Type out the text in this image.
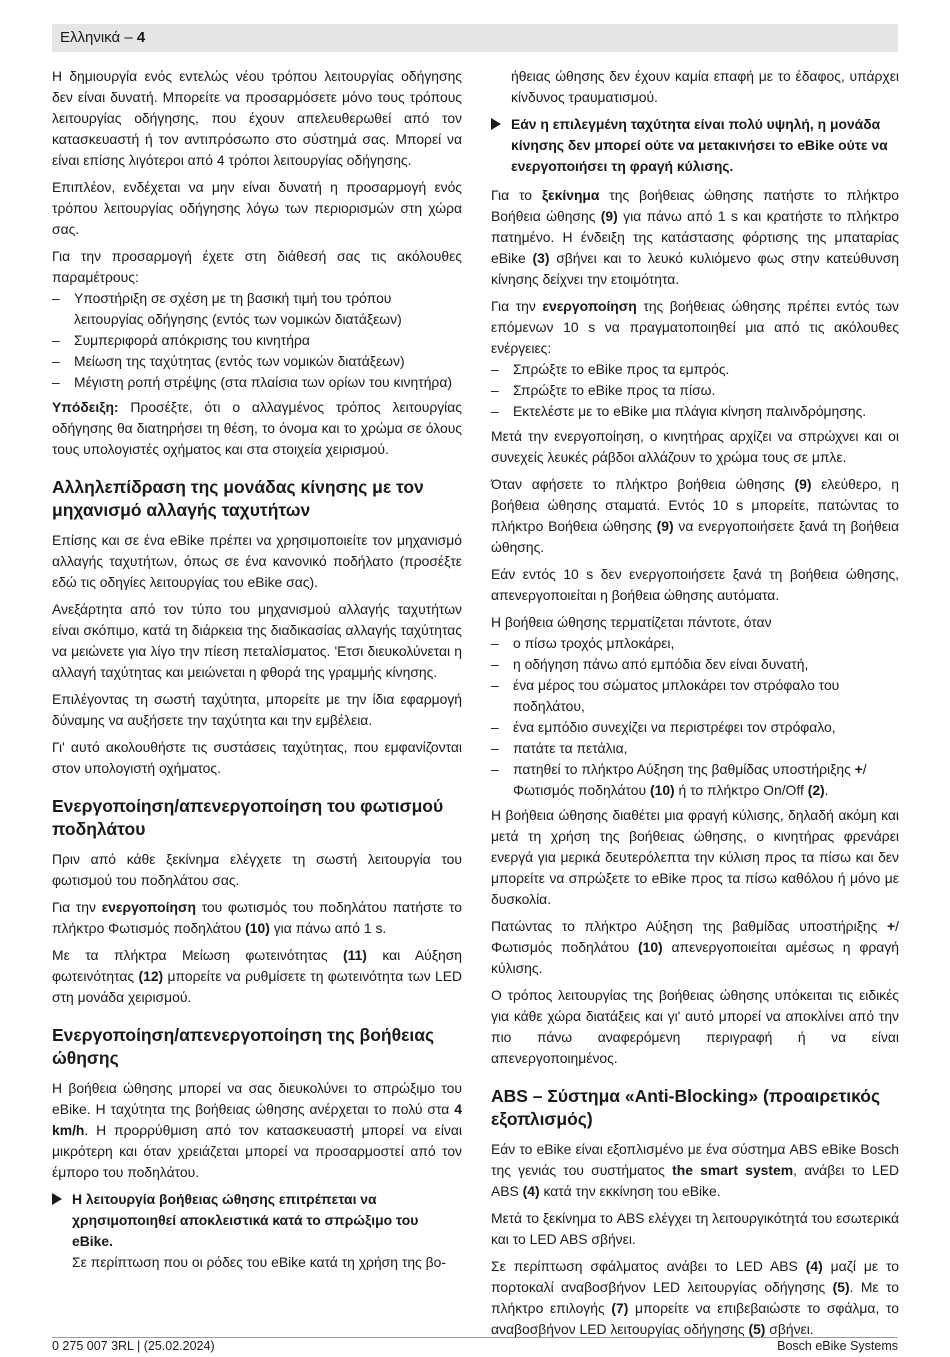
Ελληνικά – 4

Η δημιουργία ενός εντελώς νέου τρόπου λειτουργίας οδήγησης δεν είναι δυνατή. Μπορείτε να προσαρμόσετε μόνο τους τρόπους λειτουργίας οδήγησης, που έχουν απελευθερωθεί από τον κατασκευαστή ή τον αντιπρόσωπο στο σύστημά σας. Μπορεί να είναι επίσης λιγότεροι από 4 τρόποι λειτουργίας οδήγησης.

Επιπλέον, ενδέχεται να μην είναι δυνατή η προσαρμογή ενός τρόπου λειτουργίας οδήγησης λόγω των περιορισμών στη χώρα σας.

Για την προσαρμογή έχετε στη διάθεσή σας τις ακόλουθες παραμέτρους:

– Υποστήριξη σε σχέση με τη βασική τιμή του τρόπου λειτουργίας οδήγησης (εντός των νομικών διατάξεων)
– Συμπεριφορά απόκρισης του κινητήρα
– Μείωση της ταχύτητας (εντός των νομικών διατάξεων)
– Μέγιστη ροπή στρέψης (στα πλαίσια των ορίων του κινητήρα)

Υπόδειξη: Προσέξτε, ότι ο αλλαγμένος τρόπος λειτουργίας οδήγησης θα διατηρήσει τη θέση, το όνομα και το χρώμα σε όλους τους υπολογιστές οχήματος και στα στοιχεία χειρισμού.

Αλληλεπίδραση της μονάδας κίνησης με τον μηχανισμό αλλαγής ταχυτήτων

Επίσης και σε ένα eBike πρέπει να χρησιμοποιείτε τον μηχανισμό αλλαγής ταχυτήτων, όπως σε ένα κανονικό ποδήλατο (προσέξτε εδώ τις οδηγίες λειτουργίας του eBike σας).

Ανεξάρτητα από τον τύπο του μηχανισμού αλλαγής ταχυτήτων είναι σκόπιμο, κατά τη διάρκεια της διαδικασίας αλλαγής ταχύτητας να μειώνετε για λίγο την πίεση πεταλίσματος. 'Ετσι διευκολύνεται η αλλαγή ταχύτητας και μειώνεται η φθορά της γραμμής κίνησης.

Επιλέγοντας τη σωστή ταχύτητα, μπορείτε με την ίδια εφαρμογή δύναμης να αυξήσετε την ταχύτητα και την εμβέλεια.

Γι' αυτό ακολουθήστε τις συστάσεις ταχύτητας, που εμφανίζονται στον υπολογιστή οχήματος.

Ενεργοποίηση/απενεργοποίηση του φωτισμού ποδηλάτου

Πριν από κάθε ξεκίνημα ελέγχετε τη σωστή λειτουργία του φωτισμού του ποδηλάτου σας.

Για την ενεργοποίηση του φωτισμός του ποδηλάτου πατήστε το πλήκτρο Φωτισμός ποδηλάτου (10) για πάνω από 1 s.

Με τα πλήκτρα Μείωση φωτεινότητας (11) και Αύξηση φωτεινότητας (12) μπορείτε να ρυθμίσετε τη φωτεινότητα των LED στη μονάδα χειρισμού.

Ενεργοποίηση/απενεργοποίηση της βοήθειας ώθησης

Η βοήθεια ώθησης μπορεί να σας διευκολύνει το σπρώξιμο του eBike. Η ταχύτητα της βοήθειας ώθησης ανέρχεται το πολύ στα 4 km/h. Η προρρύθμιση από τον κατασκευαστή μπορεί να είναι μικρότερη και όταν χρειάζεται μπορεί να προσαρμοστεί από τον έμπορο του ποδηλάτου.

Η λειτουργία βοήθειας ώθησης επιτρέπεται να χρησιμοποιηθεί αποκλειστικά κατά το σπρώξιμο του eBike.
Σε περίπτωση που οι ρόδες του eBike κατά τη χρήση της βο-

ήθειας ώθησης δεν έχουν καμία επαφή με το έδαφος, υπάρχει κίνδυνος τραυματισμού.

Εάν η επιλεγμένη ταχύτητα είναι πολύ υψηλή, η μονάδα κίνησης δεν μπορεί ούτε να μετακινήσει το eBike ούτε να ενεργοποιήσει τη φραγή κύλισης.

Για το ξεκίνημα της βοήθειας ώθησης πατήστε το πλήκτρο Βοήθεια ώθησης (9) για πάνω από 1 s και κρατήστε το πλήκτρο πατημένο. Η ένδειξη της κατάστασης φόρτισης της μπαταρίας eBike (3) σβήνει και το λευκό κυλιόμενο φως στην κατεύθυνση κίνησης δείχνει την ετοιμότητα.

Για την ενεργοποίηση της βοήθειας ώθησης πρέπει εντός των επόμενων 10 s να πραγματοποιηθεί μια από τις ακόλουθες ενέργειες:

– Σπρώξτε το eBike προς τα εμπρός.
– Σπρώξτε το eBike προς τα πίσω.
– Εκτελέστε με το eBike μια πλάγια κίνηση παλινδρόμησης.

Μετά την ενεργοποίηση, ο κινητήρας αρχίζει να σπρώχνει και οι συνεχείς λευκές ράβδοι αλλάζουν το χρώμα τους σε μπλε.

Όταν αφήσετε το πλήκτρο βοήθεια ώθησης (9) ελεύθερο, η βοήθεια ώθησης σταματά. Εντός 10 s μπορείτε, πατώντας το πλήκτρο Βοήθεια ώθησης (9) να ενεργοποιήσετε ξανά τη βοήθεια ώθησης.

Εάν εντός 10 s δεν ενεργοποιήσετε ξανά τη βοήθεια ώθησης, απενεργοποιείται η βοήθεια ώθησης αυτόματα.

Η βοήθεια ώθησης τερματίζεται πάντοτε, όταν

– ο πίσω τροχός μπλοκάρει,
– η οδήγηση πάνω από εμπόδια δεν είναι δυνατή,
– ένα μέρος του σώματος μπλοκάρει τον στρόφαλο του ποδηλάτου,
– ένα εμπόδιο συνεχίζει να περιστρέφει τον στρόφαλο,
– πατάτε τα πετάλια,
– πατηθεί το πλήκτρο Αύξηση της βαθμίδας υποστήριξης +/ Φωτισμός ποδηλάτου (10) ή το πλήκτρο On/Off (2).

Η βοήθεια ώθησης διαθέτει μια φραγή κύλισης, δηλαδή ακόμη και μετά τη χρήση της βοήθειας ώθησης, ο κινητήρας φρενάρει ενεργά για μερικά δευτερόλεπτα την κύλιση προς τα πίσω και δεν μπορείτε να σπρώξετε το eBike προς τα πίσω καθόλου ή μόνο με δυσκολία.

Πατώντας το πλήκτρο Αύξηση της βαθμίδας υποστήριξης +/ Φωτισμός ποδηλάτου (10) απενεργοποιείται αμέσως η φραγή κύλισης.

Ο τρόπος λειτουργίας της βοήθειας ώθησης υπόκειται τις ειδικές για κάθε χώρα διατάξεις και γι' αυτό μπορεί να αποκλίνει από την πιο πάνω αναφερόμενη περιγραφή ή να είναι απενεργοποιημένος.

ABS – Σύστημα «Anti-Blocking» (προαιρετικός εξοπλισμός)

Εάν το eBike είναι εξοπλισμένο με ένα σύστημα ABS eBike Bosch της γενιάς του συστήματος the smart system, ανάβει το LED ABS (4) κατά την εκκίνηση του eBike.

Μετά το ξεκίνημα το ABS ελέγχει τη λειτουργικότητά του εσωτερικά και το LED ABS σβήνει.

Σε περίπτωση σφάλματος ανάβει το LED ABS (4) μαζί με το πορτοκαλί αναβοσβήνον LED λειτουργίας οδήγησης (5). Με το πλήκτρο επιλογής (7) μπορείτε να επιβεβαιώστε το σφάλμα, το αναβοσβήνον LED λειτουργίας οδήγησης (5) σβήνει.

0 275 007 3RL | (25.02.2024)	Bosch eBike Systems
